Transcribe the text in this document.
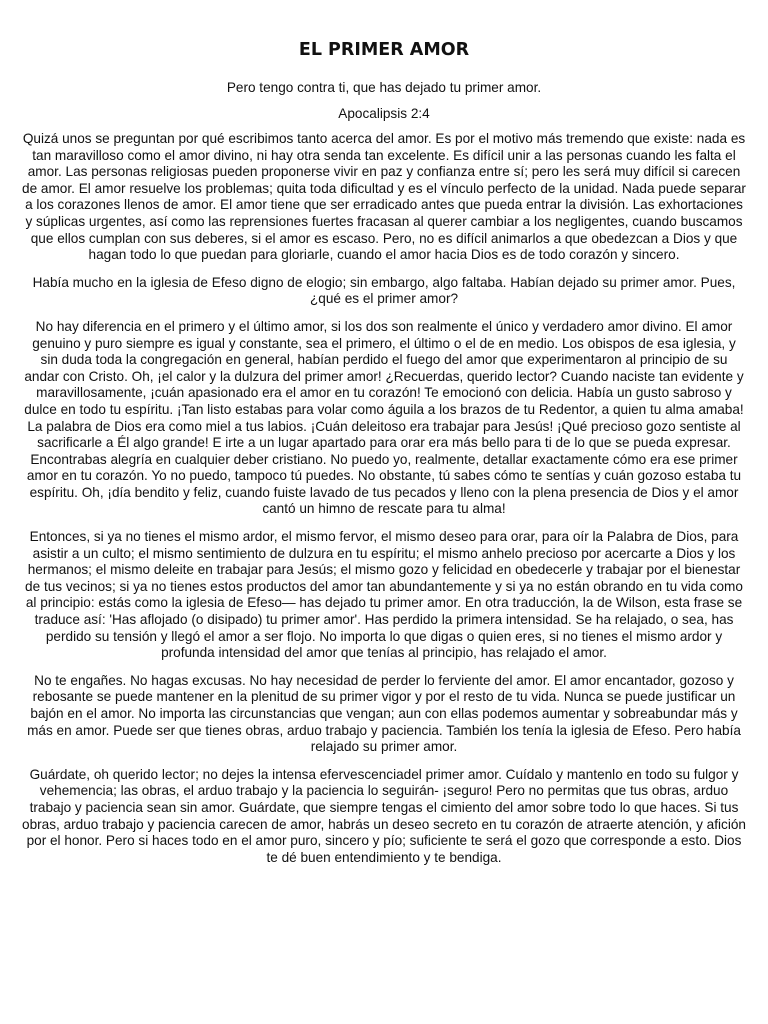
EL PRIMER AMOR

Pero tengo contra ti, que has dejado tu primer amor.

Apocalipsis 2:4

Quizá unos se preguntan por qué escribimos tanto acerca del amor. Es por el motivo más tremendo que existe: nada es tan maravilloso como el amor divino, ni hay otra senda tan excelente. Es difícil unir a las personas cuando les falta el amor. Las personas religiosas pueden proponerse vivir en paz y confianza entre sí; pero les será muy difícil si carecen de amor. El amor resuelve los problemas; quita toda dificultad y es el vínculo perfecto de la unidad. Nada puede separar a los corazones llenos de amor. El amor tiene que ser erradicado antes que pueda entrar la división. Las exhortaciones y súplicas urgentes, así como las reprensiones fuertes fracasan al querer cambiar a los negligentes, cuando buscamos que ellos cumplan con sus deberes, si el amor es escaso. Pero, no es difícil animarlos a que obedezcan a Dios y que hagan todo lo que puedan para gloriarle, cuando el amor hacia Dios es de todo corazón y sincero.

Había mucho en la iglesia de Efeso digno de elogio; sin embargo, algo faltaba. Habían dejado su primer amor. Pues, ¿qué es el primer amor?

No hay diferencia en el primero y el último amor, si los dos son realmente el único y verdadero amor divino. El amor genuino y puro siempre es igual y constante, sea el primero, el último o el de en medio. Los obispos de esa iglesia, y sin duda toda la congregación en general, habían perdido el fuego del amor que experimentaron al principio de su andar con Cristo. Oh, ¡el calor y la dulzura del primer amor! ¿Recuerdas, querido lector? Cuando naciste tan evidente y maravillosamente, ¡cuán apasionado era el amor en tu corazón! Te emocionó con delicia. Había un gusto sabroso y dulce en todo tu espíritu. ¡Tan listo estabas para volar como águila a los brazos de tu Redentor, a quien tu alma amaba! La palabra de Dios era como miel a tus labios. ¡Cuán deleitoso era trabajar para Jesús! ¡Qué precioso gozo sentiste al sacrificarle a Él algo grande! E irte a un lugar apartado para orar era más bello para ti de lo que se pueda expresar. Encontrabas alegría en cualquier deber cristiano. No puedo yo, realmente, detallar exactamente cómo era ese primer amor en tu corazón. Yo no puedo, tampoco tú puedes. No obstante, tú sabes cómo te sentías y cuán gozoso estaba tu espíritu. Oh, ¡día bendito y feliz, cuando fuiste lavado de tus pecados y lleno con la plena presencia de Dios y el amor cantó un himno de rescate para tu alma!

Entonces, si ya no tienes el mismo ardor, el mismo fervor, el mismo deseo para orar, para oír la Palabra de Dios, para asistir a un culto; el mismo sentimiento de dulzura en tu espíritu; el mismo anhelo precioso por acercarte a Dios y los hermanos; el mismo deleite en trabajar para Jesús; el mismo gozo y felicidad en obedecerle y trabajar por el bienestar de tus vecinos; si ya no tienes estos productos del amor tan abundantemente y si ya no están obrando en tu vida como al principio: estás como la iglesia de Efeso— has dejado tu primer amor. En otra traducción, la de Wilson, esta frase se traduce así: 'Has aflojado (o disipado) tu primer amor'. Has perdido la primera intensidad. Se ha relajado, o sea, has perdido su tensión y llegó el amor a ser flojo. No importa lo que digas o quien eres, si no tienes el mismo ardor y profunda intensidad del amor que tenías al principio, has relajado el amor.

No te engañes. No hagas excusas. No hay necesidad de perder lo ferviente del amor. El amor encantador, gozoso y rebosante se puede mantener en la plenitud de su primer vigor y por el resto de tu vida. Nunca se puede justificar un bajón en el amor. No importa las circunstancias que vengan; aun con ellas podemos aumentar y sobreabundar más y más en amor. Puede ser que tienes obras, arduo trabajo y paciencia. También los tenía la iglesia de Efeso. Pero había relajado su primer amor.

Guárdate, oh querido lector; no dejes la intensa efervescenciadel primer amor. Cuídalo y mantenlo en todo su fulgor y vehemencia; las obras, el arduo trabajo y la paciencia lo seguirán- ¡seguro! Pero no permitas que tus obras, arduo trabajo y paciencia sean sin amor. Guárdate, que siempre tengas el cimiento del amor sobre todo lo que haces. Si tus obras, arduo trabajo y paciencia carecen de amor, habrás un deseo secreto en tu corazón de atraerte atención, y afición por el honor. Pero si haces todo en el amor puro, sincero y pío; suficiente te será el gozo que corresponde a esto. Dios te dé buen entendimiento y te bendiga.
